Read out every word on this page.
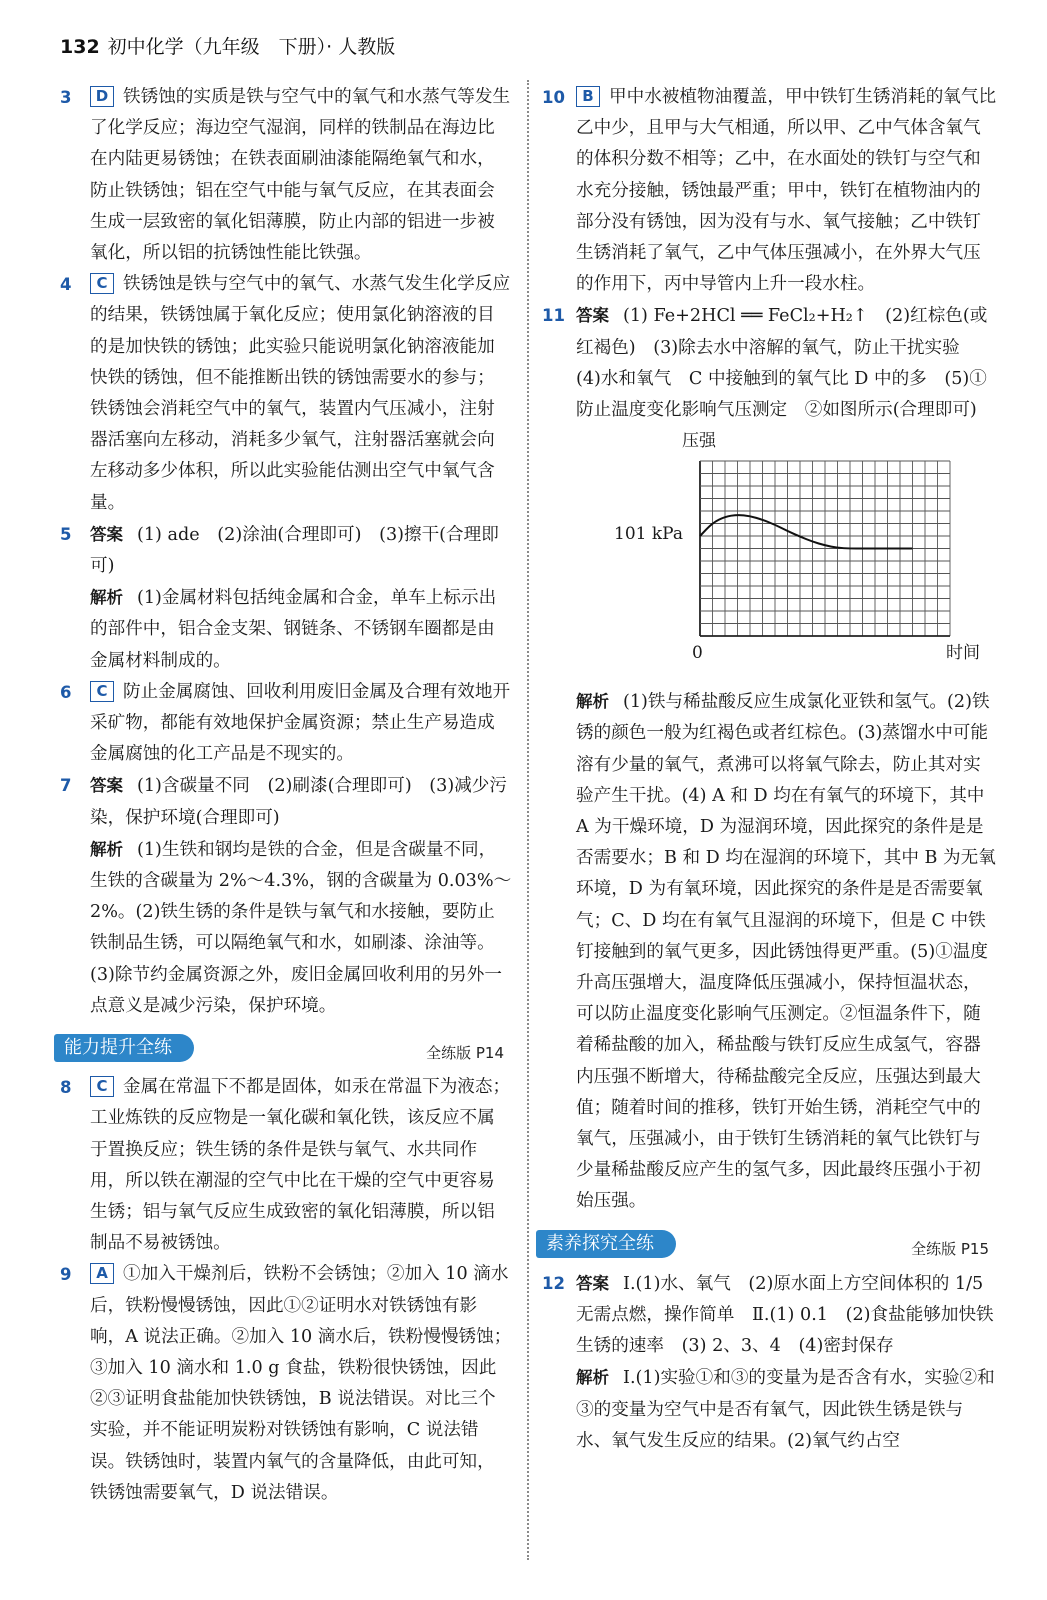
132 初中化学（九年级　下册）· 人教版
3 D 铁锈蚀的实质是铁与空气中的氧气和水蒸气等发生了化学反应；海边空气湿润，同样的铁制品在海边比在内陆更易锈蚀；在铁表面刷油漆能隔绝氧气和水，防止铁锈蚀；铝在空气中能与氧气反应，在其表面会生成一层致密的氧化铝薄膜，防止内部的铝进一步被氧化，所以铝的抗锈蚀性能比铁强。
4 C 铁锈蚀是铁与空气中的氧气、水蒸气发生化学反应的结果，铁锈蚀属于氧化反应；使用氯化钠溶液的目的是加快铁的锈蚀；此实验只能说明氯化钠溶液能加快铁的锈蚀，但不能推断出铁的锈蚀需要水的参与；铁锈蚀会消耗空气中的氧气，装置内气压减小，注射器活塞向左移动，消耗多少氧气，注射器活塞就会向左移动多少体积，所以此实验能估测出空气中氧气含量。
5 答案 (1) ade　(2)涂油(合理即可)　(3)擦干(合理即可)
解析 (1)金属材料包括纯金属和合金，单车上标示出的部件中，铝合金支架、钢链条、不锈钢车圈都是由金属材料制成的。
6 C 防止金属腐蚀、回收利用废旧金属及合理有效地开采矿物，都能有效地保护金属资源；禁止生产易造成金属腐蚀的化工产品是不现实的。
7 答案 (1)含碳量不同　(2)刷漆(合理即可)　(3)减少污染，保护环境(合理即可)
解析 (1)生铁和钢均是铁的合金，但是含碳量不同，生铁的含碳量为 2%～4.3%，钢的含碳量为 0.03%～2%。(2)铁生锈的条件是铁与氧气和水接触，要防止铁制品生锈，可以隔绝氧气和水，如刷漆、涂油等。(3)除节约金属资源之外，废旧金属回收利用的另外一点意义是减少污染，保护环境。
能力提升全练	全练版 P14
8 C 金属在常温下不都是固体，如汞在常温下为液态；工业炼铁的反应物是一氧化碳和氧化铁，该反应不属于置换反应；铁生锈的条件是铁与氧气、水共同作用，所以铁在潮湿的空气中比在干燥的空气中更容易生锈；铝与氧气反应生成致密的氧化铝薄膜，所以铝制品不易被锈蚀。
9 A ①加入干燥剂后，铁粉不会锈蚀；②加入 10 滴水后，铁粉慢慢锈蚀，因此①②证明水对铁锈蚀有影响，A 说法正确。②加入 10 滴水后，铁粉慢慢锈蚀；③加入 10 滴水和 1.0 g 食盐，铁粉很快锈蚀，因此②③证明食盐能加快铁锈蚀，B 说法错误。对比三个实验，并不能证明炭粉对铁锈蚀有影响，C 说法错误。铁锈蚀时，装置内氧气的含量降低，由此可知，铁锈蚀需要氧气，D 说法错误。
10 B 甲中水被植物油覆盖，甲中铁钉生锈消耗的氧气比乙中少，且甲与大气相通，所以甲、乙中气体含氧气的体积分数不相等；乙中，在水面处的铁钉与空气和水充分接触，锈蚀最严重；甲中，铁钉在植物油内的部分没有锈蚀，因为没有与水、氧气接触；乙中铁钉生锈消耗了氧气，乙中气体压强减小，在外界大气压的作用下，丙中导管内上升一段水柱。
11 答案 (1) Fe+2HCl ══ FeCl₂+H₂↑　(2)红棕色(或红褐色)　(3)除去水中溶解的氧气，防止干扰实验　(4)水和氧气　C 中接触到的氧气比 D 中的多　(5)①防止温度变化影响气压测定　②如图所示(合理即可)
压强
101 kPa
0	时间
解析 (1)铁与稀盐酸反应生成氯化亚铁和氢气。(2)铁锈的颜色一般为红褐色或者红棕色。(3)蒸馏水中可能溶有少量的氧气，煮沸可以将氧气除去，防止其对实验产生干扰。(4) A 和 D 均在有氧气的环境下，其中 A 为干燥环境，D 为湿润环境，因此探究的条件是是否需要水；B 和 D 均在湿润的环境下，其中 B 为无氧环境，D 为有氧环境，因此探究的条件是是否需要氧气；C、D 均在有氧气且湿润的环境下，但是 C 中铁钉接触到的氧气更多，因此锈蚀得更严重。(5)①温度升高压强增大，温度降低压强减小，保持恒温状态，可以防止温度变化影响气压测定。②恒温条件下，随着稀盐酸的加入，稀盐酸与铁钉反应生成氢气，容器内压强不断增大，待稀盐酸完全反应，压强达到最大值；随着时间的推移，铁钉开始生锈，消耗空气中的氧气，压强减小，由于铁钉生锈消耗的氧气比铁钉与少量稀盐酸反应产生的氢气多，因此最终压强小于初始压强。
素养探究全练	全练版 P15
12 答案 Ⅰ.(1)水、氧气　(2)原水面上方空间体积的 1/5　无需点燃，操作简单　Ⅱ.(1) 0.1　(2)食盐能够加快铁生锈的速率　(3) 2、3、4　(4)密封保存
解析 Ⅰ.(1)实验①和③的变量为是否含有水，实验②和③的变量为空气中是否有氧气，因此铁生锈是铁与水、氧气发生反应的结果。(2)氧气约占空
